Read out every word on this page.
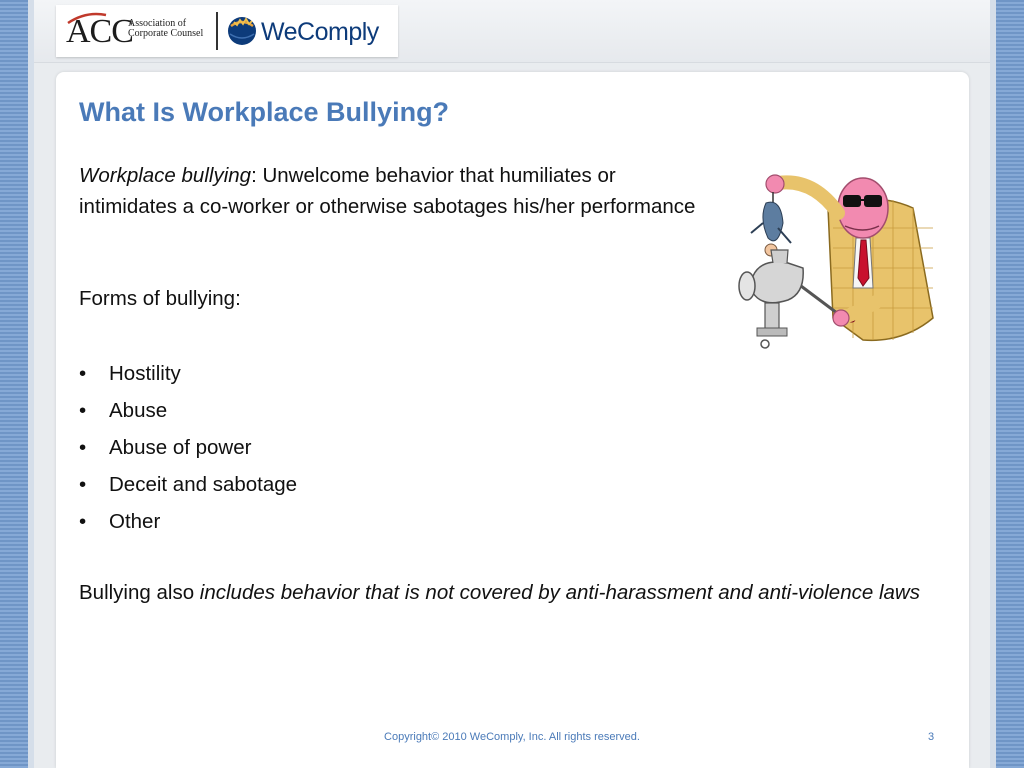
ACC
Association of
Corporate Counsel WeComply
What Is Workplace Bullying?
Workplace bullying: Unwelcome behavior that humiliates or intimidates a co-worker or otherwise sabotages his/her performance
Forms of bullying:
• Hostility
• Abuse
• Abuse of power
• Deceit and sabotage
• Other
Bullying also includes behavior that is not covered by anti-harassment and anti-violence laws
Copyright© 2010 WeComply, Inc. All rights reserved.	3
